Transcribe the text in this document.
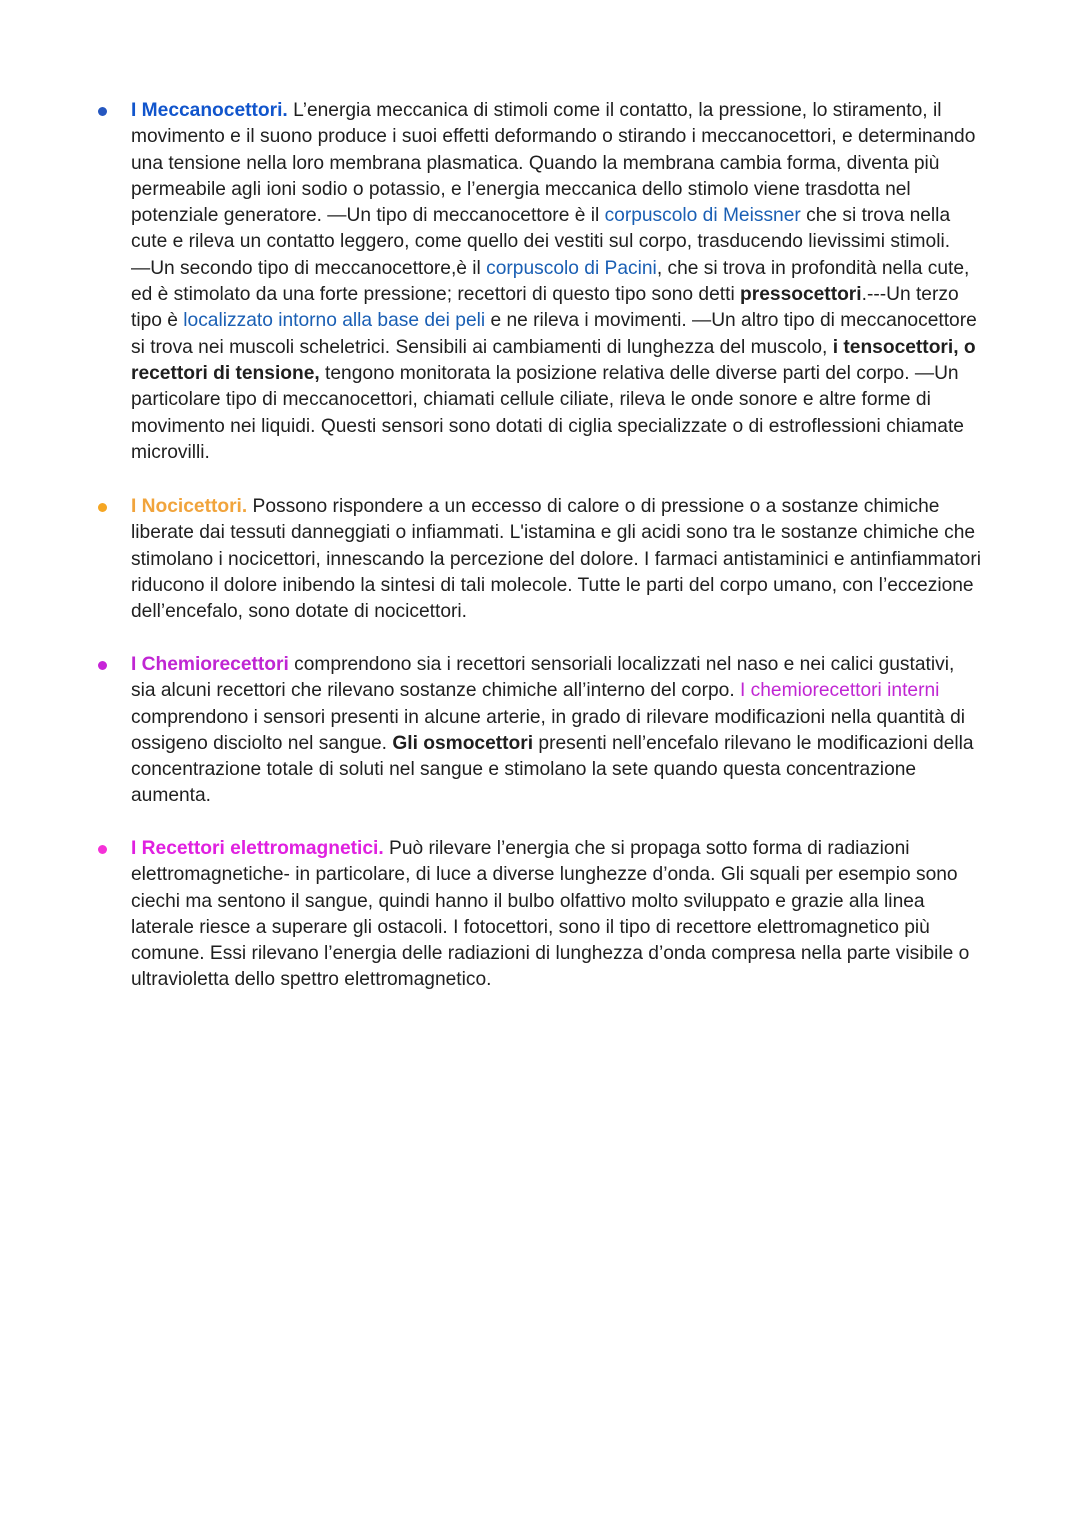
I Meccanocettori. L’energia meccanica di stimoli come il contatto, la pressione, lo stiramento, il
movimento e il suono produce i suoi effetti deformando o stirando i meccanocettori, e determinando
una tensione nella loro membrana plasmatica. Quando la membrana cambia forma, diventa più
permeabile agli ioni sodio o potassio, e l’energia meccanica dello stimolo viene trasdotta nel
potenziale generatore. —Un tipo di meccanocettore è il corpuscolo di Meissner che si trova nella
cute e rileva un contatto leggero, come quello dei vestiti sul corpo, trasducendo lievissimi stimoli.
—Un secondo tipo di meccanocettore,è il corpuscolo di Pacini, che si trova in profondità nella cute,
ed è stimolato da una forte pressione; recettori di questo tipo sono detti pressocettori.---Un terzo
tipo è localizzato intorno alla base dei peli e ne rileva i movimenti. —Un altro tipo di meccanocettore
si trova nei muscoli scheletrici. Sensibili ai cambiamenti di lunghezza del muscolo, i tensocettori, o
recettori di tensione, tengono monitorata la posizione relativa delle diverse parti del corpo. —Un
particolare tipo di meccanocettori, chiamati cellule ciliate, rileva le onde sonore e altre forme di
movimento nei liquidi. Questi sensori sono dotati di ciglia specializzate o di estroflessioni chiamate
microvilli.
I Nocicettori. Possono rispondere a un eccesso di calore o di pressione o a sostanze chimiche
liberate dai tessuti danneggiati o infiammati. L'istamina e gli acidi sono tra le sostanze chimiche che
stimolano i nocicettori, innescando la percezione del dolore. I farmaci antistaminici e antinfiammatori
riducono il dolore inibendo la sintesi di tali molecole. Tutte le parti del corpo umano, con l’eccezione
dell’encefalo, sono dotate di nocicettori.
I Chemiorecettori comprendono sia i recettori sensoriali localizzati nel naso e nei calici gustativi,
sia alcuni recettori che rilevano sostanze chimiche all’interno del corpo. I chemiorecettori interni
comprendono i sensori presenti in alcune arterie, in grado di rilevare modificazioni nella quantità di
ossigeno disciolto nel sangue. Gli osmocettori presenti nell’encefalo rilevano le modificazioni della
concentrazione totale di soluti nel sangue e stimolano la sete quando questa concentrazione
aumenta.
I Recettori elettromagnetici. Può rilevare l’energia che si propaga sotto forma di radiazioni
elettromagnetiche- in particolare, di luce a diverse lunghezze d’onda. Gli squali per esempio sono
ciechi ma sentono il sangue, quindi hanno il bulbo olfattivo molto sviluppato e grazie alla linea
laterale riesce a superare gli ostacoli. I fotocettori, sono il tipo di recettore elettromagnetico più
comune. Essi rilevano l’energia delle radiazioni di lunghezza d’onda compresa nella parte visibile o
ultravioletta dello spettro elettromagnetico.
